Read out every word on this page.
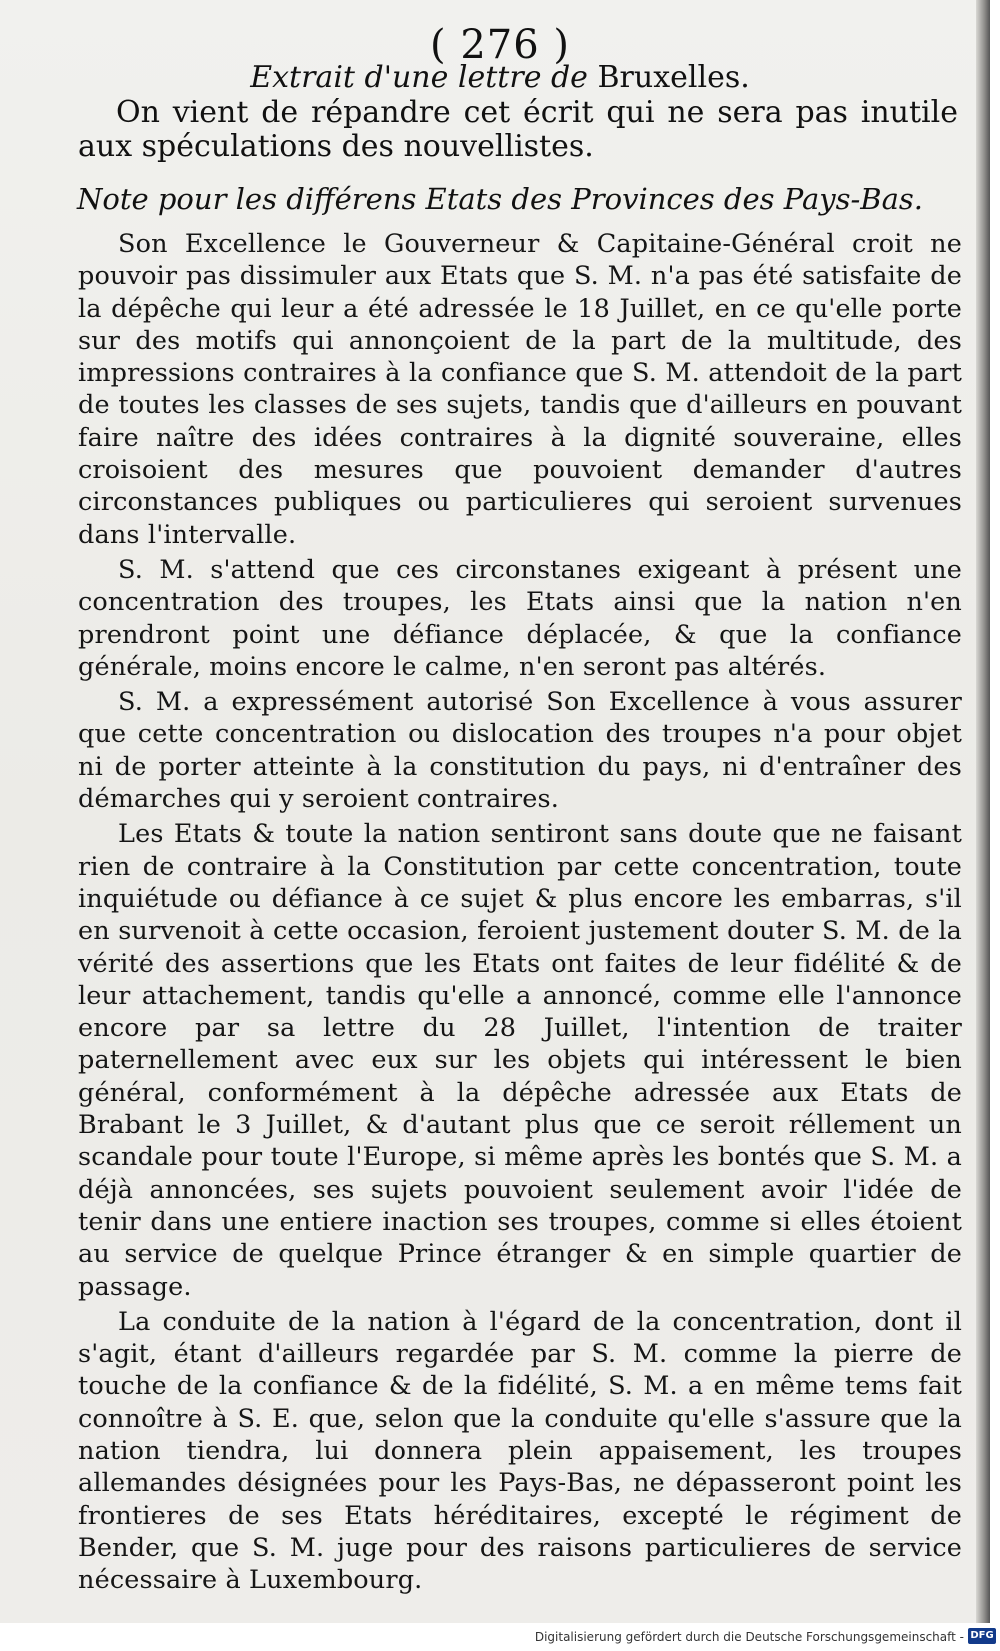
( 276 )
Extrait d'une lettre de Bruxelles.
On vient de répandre cet écrit qui ne sera pas inutile aux spéculations des nouvellistes.
Note pour les différens Etats des Provinces des Pays-Bas.

Son Excellence le Gouverneur & Capitaine-Général croit ne pouvoir pas dissimuler aux Etats que S. M. n'a pas été satisfaite de la dépêche qui leur a été adressée le 18 Juillet, en ce qu'elle porte sur des motifs qui annonçoient de la part de la multitude, des impressions contraires à la confiance que S. M. attendoit de la part de toutes les classes de ses sujets, tandis que d'ailleurs en pouvant faire naître des idées contraires à la dignité souveraine, elles croisoient des mesures que pouvoient demander d'autres circonstances publiques ou particulieres qui seroient survenues dans l'intervalle.

S. M. s'attend que ces circonstanes exigeant à présent une concentration des troupes, les Etats ainsi que la nation n'en prendront point une défiance déplacée, & que la confiance générale, moins encore le calme, n'en seront pas altérés.

S. M. a expressément autorisé Son Excellence à vous assurer que cette concentration ou dislocation des troupes n'a pour objet ni de porter atteinte à la constitution du pays, ni d'entraîner des démarches qui y seroient contraires.

Les Etats & toute la nation sentiront sans doute que ne faisant rien de contraire à la Constitution par cette concentration, toute inquiétude ou défiance à ce sujet & plus encore les embarras, s'il en survenoit à cette occasion, feroient justement douter S. M. de la vérité des assertions que les Etats ont faites de leur fidélité & de leur attachement, tandis qu'elle a annoncé, comme elle l'annonce encore par sa lettre du 28 Juillet, l'intention de traiter paternellement avec eux sur les objets qui intéressent le bien général, conformément à la dépêche adressée aux Etats de Brabant le 3 Juillet, & d'autant plus que ce seroit réllement un scandale pour toute l'Europe, si même après les bontés que S. M. a déjà annoncées, ses sujets pouvoient seulement avoir l'idée de tenir dans une entiere inaction ses troupes, comme si elles étoient au service de quelque Prince étranger & en simple quartier de passage.

La conduite de la nation à l'égard de la concentration, dont il s'agit, étant d'ailleurs regardée par S. M. comme la pierre de touche de la confiance & de la fidélité, S. M. a en même tems fait connoître à S. E. que, selon que la conduite qu'elle s'assure que la nation tiendra, lui donnera plein appaisement, les troupes allemandes désignées pour les Pays-Bas, ne dépasseront point les frontieres de ses Etats héréditaires, excepté le régiment de Bender, que S. M. juge pour des raisons particulieres de service nécessaire à Luxembourg.

Digitalisierung gefördert durch die Deutsche Forschungsgemeinschaft - DFG
